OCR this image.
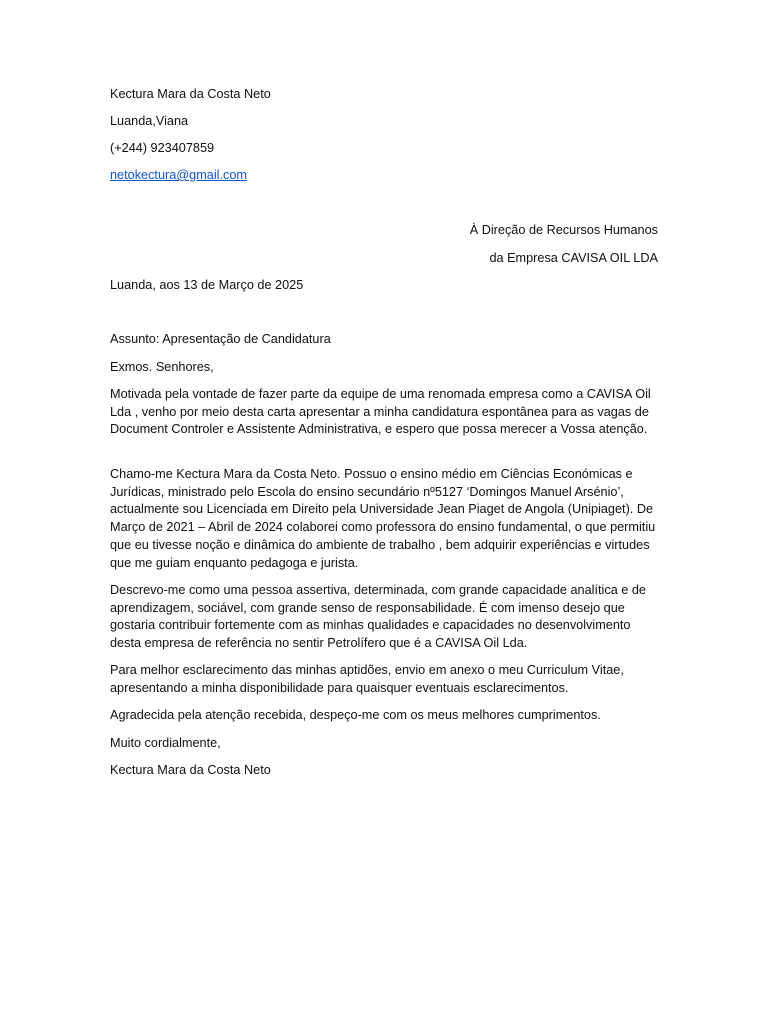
Kectura Mara da Costa Neto

Luanda,Viana

(+244) 923407859

netokectura@gmail.com

À Direção de Recursos Humanos

da Empresa CAVISA OIL LDA

Luanda, aos 13 de Março de 2025

Assunto: Apresentação de Candidatura

Exmos. Senhores,

Motivada pela vontade de fazer parte da equipe de uma renomada empresa como a CAVISA Oil Lda , venho por meio desta carta apresentar a minha candidatura espontânea para as vagas de Document Controler e Assistente Administrativa, e espero que possa merecer a Vossa atenção.

Chamo-me Kectura Mara da Costa Neto. Possuo o ensino médio em Ciências Económicas e Jurídicas, ministrado pelo Escola do ensino secundário nº5127 ‘Domingos Manuel Arsénio’, actualmente sou Licenciada em Direito pela Universidade Jean Piaget de Angola (Unipiaget). De Março de 2021 – Abril de 2024 colaborei como professora do ensino fundamental, o que permitiu que eu tivesse noção e dinâmica do ambiente de trabalho , bem adquirir experiências e virtudes que me guiam enquanto pedagoga e jurista.

Descrevo-me como uma pessoa assertiva, determinada, com grande capacidade analítica e de aprendizagem, sociável, com grande senso de responsabilidade. É com imenso desejo que gostaria contribuir fortemente com as minhas qualidades e capacidades no desenvolvimento desta empresa de referência no sentir Petrolífero que é a CAVISA Oil Lda.

Para melhor esclarecimento das minhas aptidões, envio em anexo o meu Curriculum Vitae, apresentando a minha disponibilidade para quaisquer eventuais esclarecimentos.

Agradecida pela atenção recebida, despeço-me com os meus melhores cumprimentos.

Muito cordialmente,

Kectura Mara da Costa Neto
